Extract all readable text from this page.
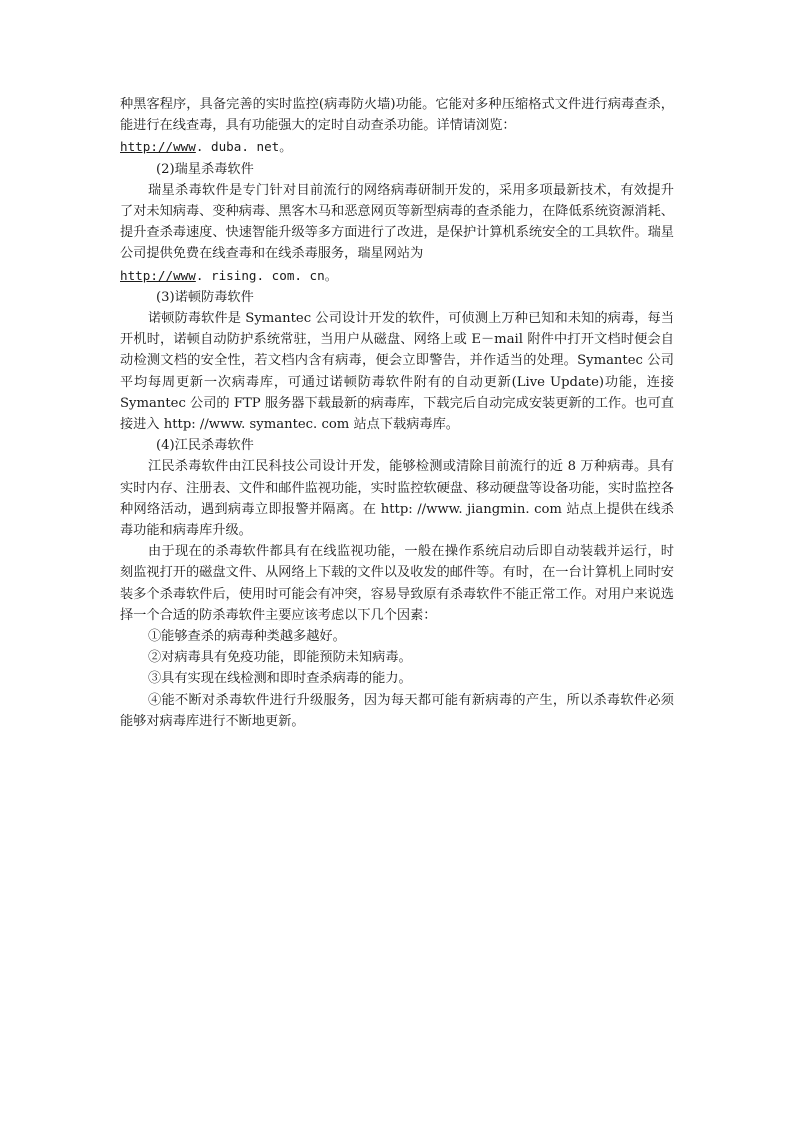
种黑客程序，具备完善的实时监控(病毒防火墙)功能。它能对多种压缩格式文件进行病毒查杀，能进行在线查毒，具有功能强大的定时自动查杀功能。详情请浏览：
http://www. duba. net。

(2)瑞星杀毒软件

瑞星杀毒软件是专门针对目前流行的网络病毒研制开发的，采用多项最新技术，有效提升了对未知病毒、变种病毒、黑客木马和恶意网页等新型病毒的查杀能力，在降低系统资源消耗、提升查杀毒速度、快速智能升级等多方面进行了改进，是保护计算机系统安全的工具软件。瑞星公司提供免费在线查毒和在线杀毒服务，瑞星网站为
http://www. rising. com. cn。

(3)诺顿防毒软件

诺顿防毒软件是 Symantec 公司设计开发的软件，可侦测上万种已知和未知的病毒，每当开机时，诺顿自动防护系统常驻，当用户从磁盘、网络上或 E－mail 附件中打开文档时便会自动检测文档的安全性，若文档内含有病毒，便会立即警告，并作适当的处理。Symantec 公司平均每周更新一次病毒库，可通过诺顿防毒软件附有的自动更新(Live Update)功能，连接 Symantec 公司的 FTP 服务器下载最新的病毒库，下载完后自动完成安装更新的工作。也可直接进入 http: //www. symantec. com 站点下载病毒库。

(4)江民杀毒软件

江民杀毒软件由江民科技公司设计开发，能够检测或清除目前流行的近 8 万种病毒。具有实时内存、注册表、文件和邮件监视功能，实时监控软硬盘、移动硬盘等设备功能，实时监控各种网络活动，遇到病毒立即报警并隔离。在 http: //www. jiangmin. com 站点上提供在线杀毒功能和病毒库升级。

由于现在的杀毒软件都具有在线监视功能，一般在操作系统启动后即自动装载并运行，时刻监视打开的磁盘文件、从网络上下载的文件以及收发的邮件等。有时，在一台计算机上同时安装多个杀毒软件后，使用时可能会有冲突，容易导致原有杀毒软件不能正常工作。对用户来说选择一个合适的防杀毒软件主要应该考虑以下几个因素：

①能够查杀的病毒种类越多越好。

②对病毒具有免疫功能，即能预防未知病毒。

③具有实现在线检测和即时查杀病毒的能力。

④能不断对杀毒软件进行升级服务，因为每天都可能有新病毒的产生，所以杀毒软件必须能够对病毒库进行不断地更新。
